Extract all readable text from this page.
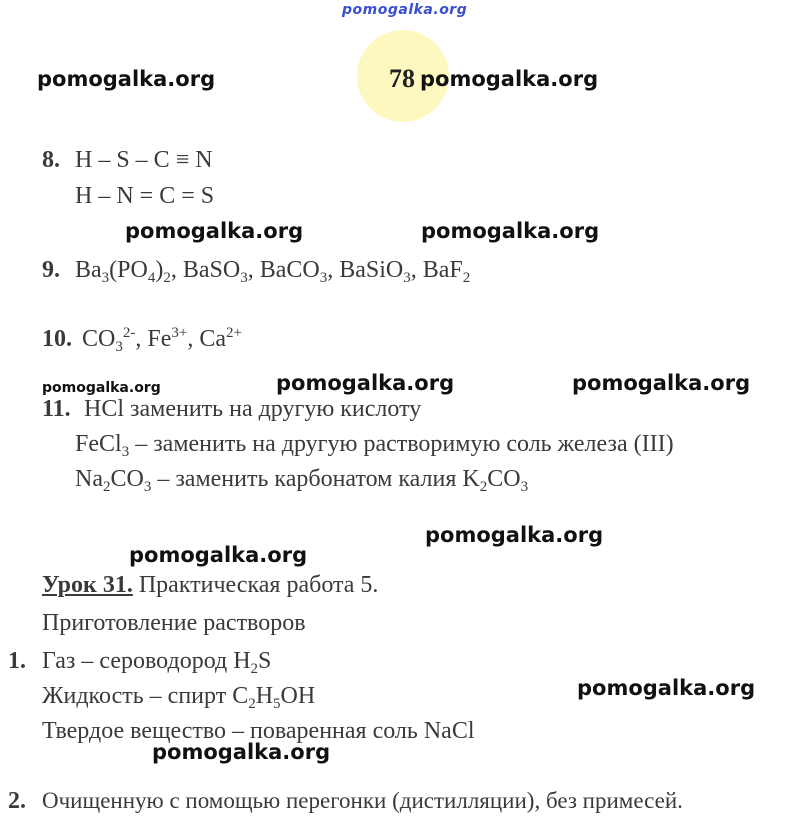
pomogalka.org
78
pomogalka.org	pomogalka.org
pomogalka.org	pomogalka.org
pomogalka.org	pomogalka.org	pomogalka.org
pomogalka.org
pomogalka.org
pomogalka.org
pomogalka.org
8. H – S – C ≡ N
H – N = C = S
9. $Ba_3(PO_4)_2$, BaSO$_3$, BaCO$_3$, BaSiO$_3$, BaF$_2$
10. $CO_3^{2-}$, $Fe^{3+}$, $Ca^{2+}$
11. HCl заменить на другую кислоту
FeCl$_3$ – заменить на другую растворимую соль железа (III)
$Na_2CO_3$ – заменить карбонатом калия $K_2CO_3$
Урок 31. Практическая работа 5.
Приготовление растворов
1. Газ – сероводород $H_2S$
Жидкость – спирт $C_2H_5OH$
Твердое вещество – поваренная соль NaCl
2. Очищенную с помощью перегонки (дистилляции), без примесей.
